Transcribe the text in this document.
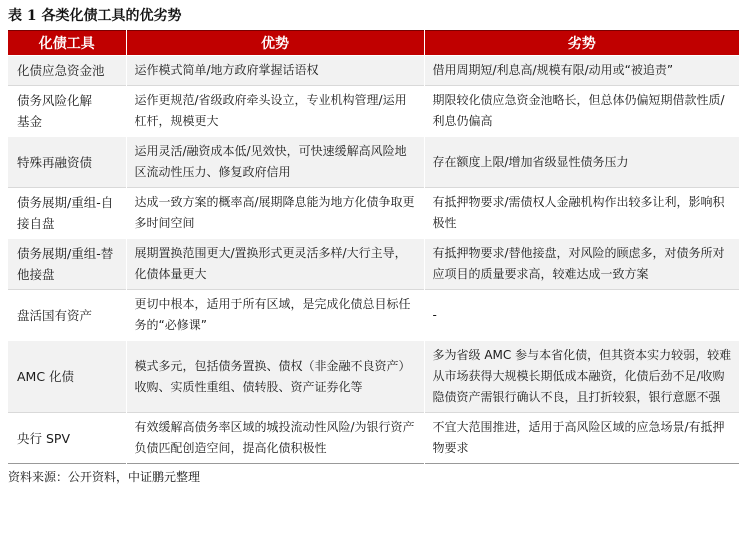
表 1 各类化债工具的优劣势
化债工具	优势	劣势
化债应急资金池	运作模式简单/地方政府掌握话语权	借用周期短/利息高/规模有限/动用或“被追责”
债务风险化解基金	运作更规范/省级政府牵头设立，专业机构管理/运用杠杆，规模更大	期限较化债应急资金池略长，但总体仍偏短期借款性质/利息仍偏高
特殊再融资债	运用灵活/融资成本低/见效快，可快速缓解高风险地区流动性压力、修复政府信用	存在额度上限/增加省级显性债务压力
债务展期/重组-自接自盘	达成一致方案的概率高/展期降息能为地方化债争取更多时间空间	有抵押物要求/需债权人金融机构作出较多让利，影响积极性
债务展期/重组-替他接盘	展期置换范围更大/置换形式更灵活多样/大行主导，化债体量更大	有抵押物要求/替他接盘，对风险的顾虑多，对债务所对应项目的质量要求高，较难达成一致方案
盘活国有资产	更切中根本，适用于所有区域，是完成化债总目标任务的“必修课”	-
AMC 化债	模式多元，包括债务置换、债权（非金融不良资产）收购、实质性重组、债转股、资产证券化等	多为省级 AMC 参与本省化债，但其资本实力较弱，较难从市场获得大规模长期低成本融资，化债后劲不足/收购隐债资产需银行确认不良，且打折较狠，银行意愿不强
央行 SPV	有效缓解高债务率区域的城投流动性风险/为银行资产负债匹配创造空间，提高化债积极性	不宜大范围推进，适用于高风险区域的应急场景/有抵押物要求
资料来源：公开资料，中证鹏元整理
